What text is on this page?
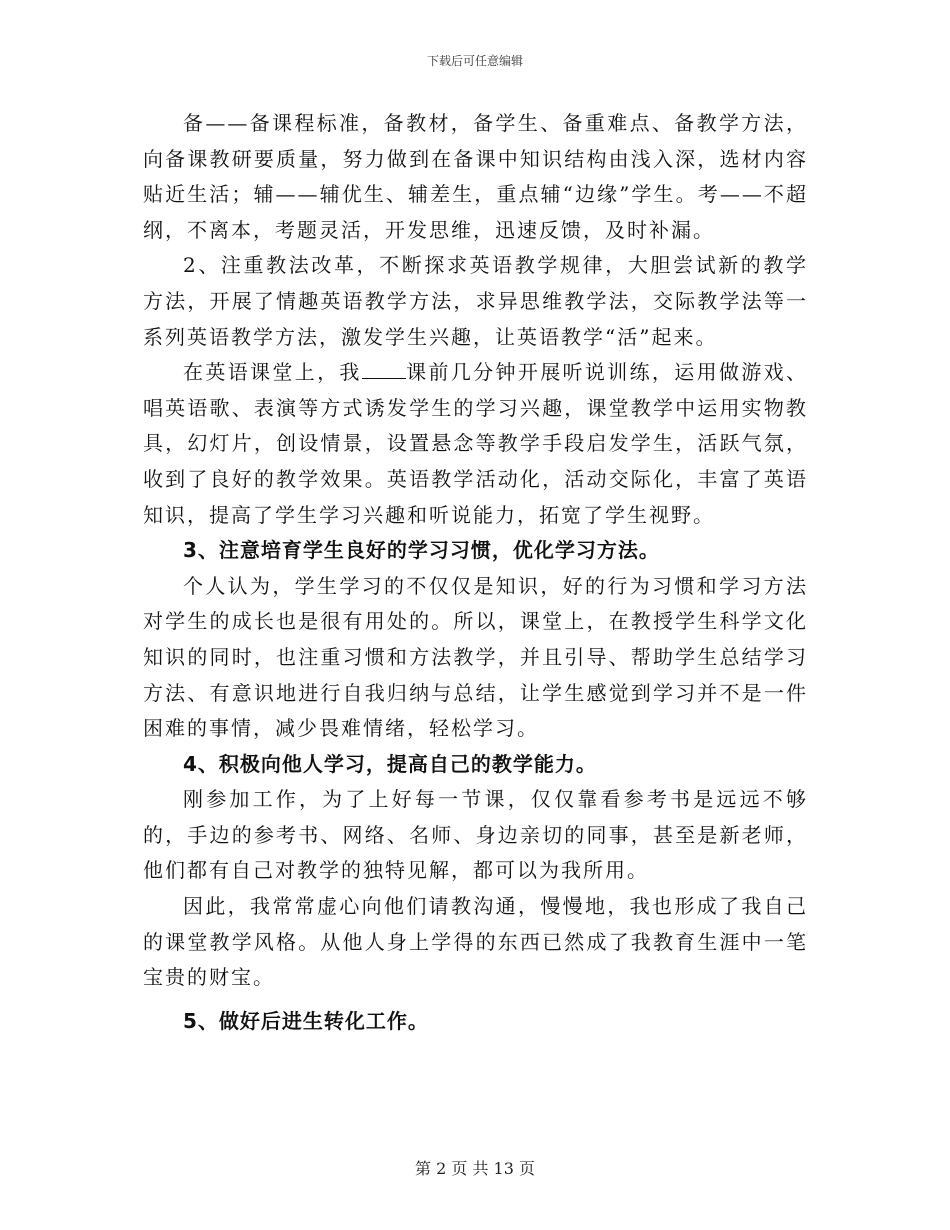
下载后可任意编辑

备——备课程标准，备教材，备学生、备重难点、备教学方法，向备课教研要质量，努力做到在备课中知识结构由浅入深，选材内容贴近生活；辅——辅优生、辅差生，重点辅“边缘”学生。考——不超纲，不离本，考题灵活，开发思维，迅速反馈，及时补漏。

2、注重教法改革，不断探求英语教学规律，大胆尝试新的教学方法，开展了情趣英语教学方法，求异思维教学法，交际教学法等一系列英语教学方法，激发学生兴趣，让英语教学“活”起来。

在英语课堂上，我 课前几分钟开展听说训练，运用做游戏、唱英语歌、表演等方式诱发学生的学习兴趣，课堂教学中运用实物教具，幻灯片，创设情景，设置悬念等教学手段启发学生，活跃气氛，收到了良好的教学效果。英语教学活动化，活动交际化，丰富了英语知识，提高了学生学习兴趣和听说能力，拓宽了学生视野。

3、注意培育学生良好的学习习惯，优化学习方法。

个人认为，学生学习的不仅仅是知识，好的行为习惯和学习方法对学生的成长也是很有用处的。所以，课堂上，在教授学生科学文化知识的同时，也注重习惯和方法教学，并且引导、帮助学生总结学习方法、有意识地进行自我归纳与总结，让学生感觉到学习并不是一件困难的事情，减少畏难情绪，轻松学习。

4、积极向他人学习，提高自己的教学能力。

刚参加工作，为了上好每一节课，仅仅靠看参考书是远远不够的，手边的参考书、网络、名师、身边亲切的同事，甚至是新老师，他们都有自己对教学的独特见解，都可以为我所用。

因此，我常常虚心向他们请教沟通，慢慢地，我也形成了我自己的课堂教学风格。从他人身上学得的东西已然成了我教育生涯中一笔宝贵的财宝。

5、做好后进生转化工作。

第 2 页 共 13 页
